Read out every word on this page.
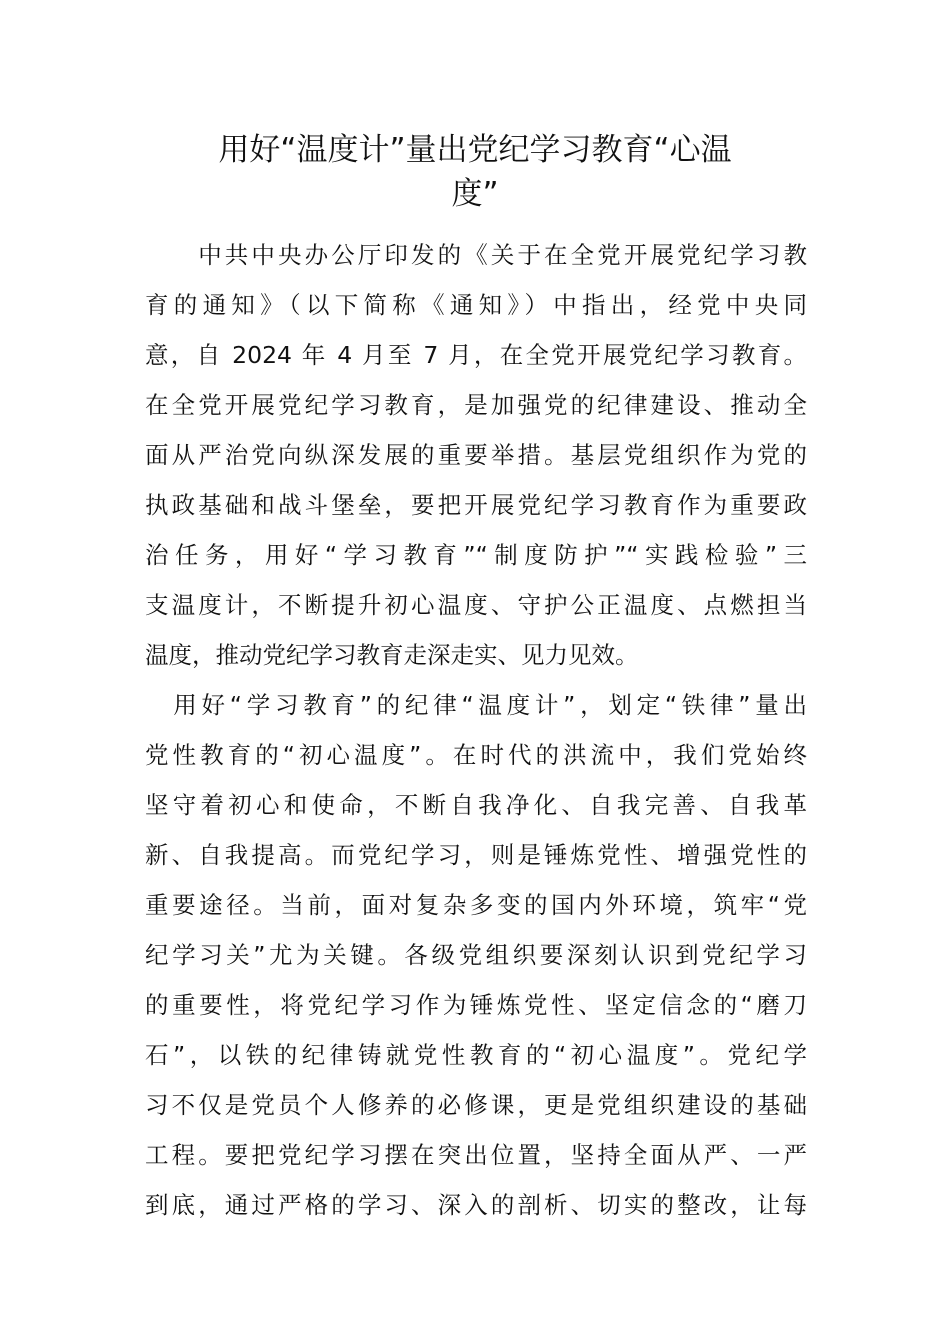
用好“温度计”量出党纪学习教育“心温
度”
　　中共中央办公厅印发的《关于在全党开展党纪学习教
育的通知》（以下简称《通知》）中指出，经党中央同
意，自 2024 年 4 月至 7 月，在全党开展党纪学习教育。
在全党开展党纪学习教育，是加强党的纪律建设、推动全
面从严治党向纵深发展的重要举措。基层党组织作为党的
执政基础和战斗堡垒，要把开展党纪学习教育作为重要政
治任务，用好“学习教育”“制度防护”“实践检验”三
支温度计，不断提升初心温度、守护公正温度、点燃担当
温度，推动党纪学习教育走深走实、见力见效。
　用好“学习教育”的纪律“温度计”，划定“铁律”量出
党性教育的“初心温度”。在时代的洪流中，我们党始终
坚守着初心和使命，不断自我净化、自我完善、自我革
新、自我提高。而党纪学习，则是锤炼党性、增强党性的
重要途径。当前，面对复杂多变的国内外环境，筑牢“党
纪学习关”尤为关键。各级党组织要深刻认识到党纪学习
的重要性，将党纪学习作为锤炼党性、坚定信念的“磨刀
石”，以铁的纪律铸就党性教育的“初心温度”。党纪学
习不仅是党员个人修养的必修课，更是党组织建设的基础
工程。要把党纪学习摆在突出位置，坚持全面从严、一严
到底，通过严格的学习、深入的剖析、切实的整改，让每
